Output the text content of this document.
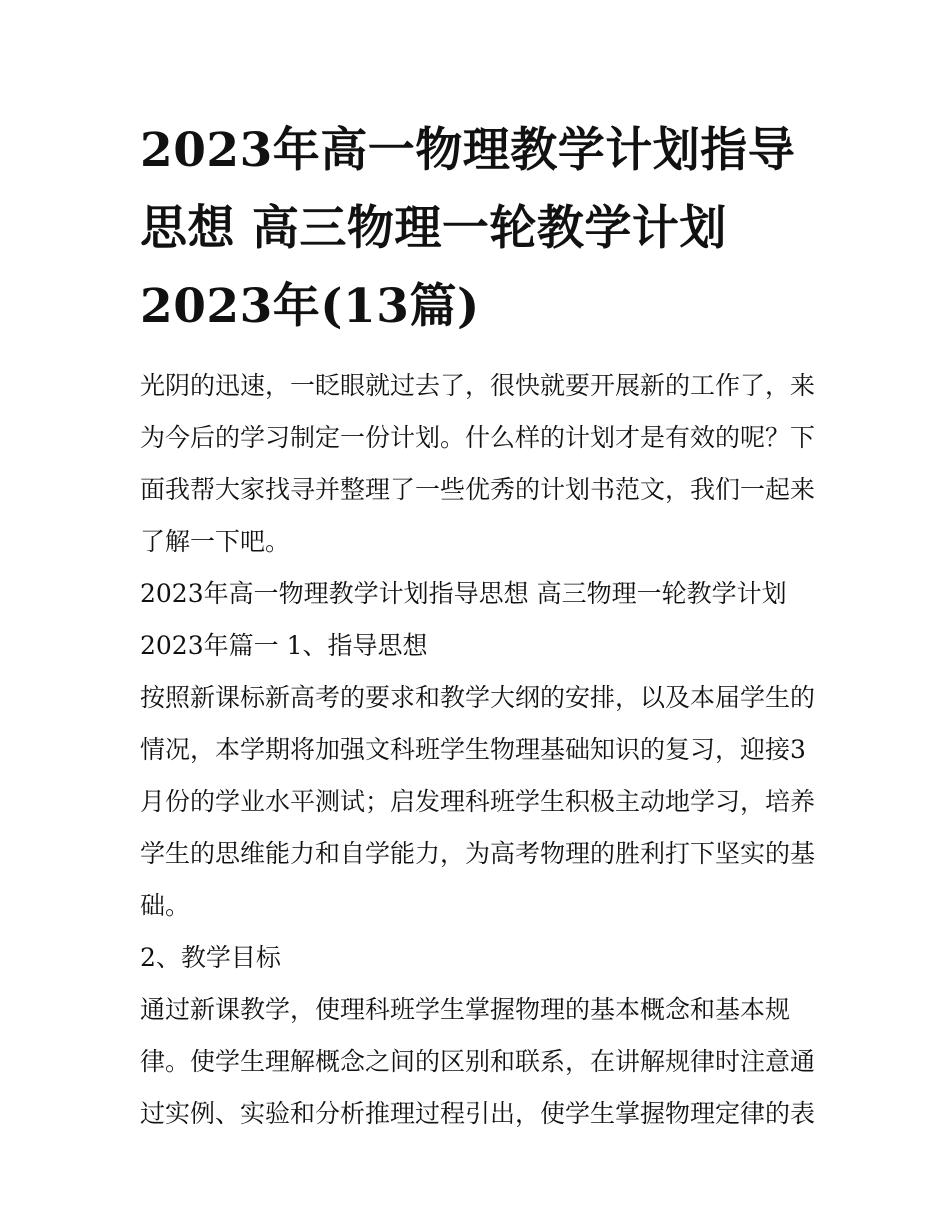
2023年高一物理教学计划指导
思想 高三物理一轮教学计划
2023年(13篇)

光阴的迅速，一眨眼就过去了，很快就要开展新的工作了，来
为今后的学习制定一份计划。什么样的计划才是有效的呢？下
面我帮大家找寻并整理了一些优秀的计划书范文，我们一起来
了解一下吧。

2023年高一物理教学计划指导思想 高三物理一轮教学计划
2023年篇一 1、指导思想

按照新课标新高考的要求和教学大纲的安排，以及本届学生的
情况，本学期将加强文科班学生物理基础知识的复习，迎接3
月份的学业水平测试；启发理科班学生积极主动地学习，培养
学生的思维能力和自学能力，为高考物理的胜利打下坚实的基
础。

2、教学目标

通过新课教学，使理科班学生掌握物理的基本概念和基本规
律。使学生理解概念之间的区别和联系，在讲解规律时注意通
过实例、实验和分析推理过程引出，使学生掌握物理定律的表
